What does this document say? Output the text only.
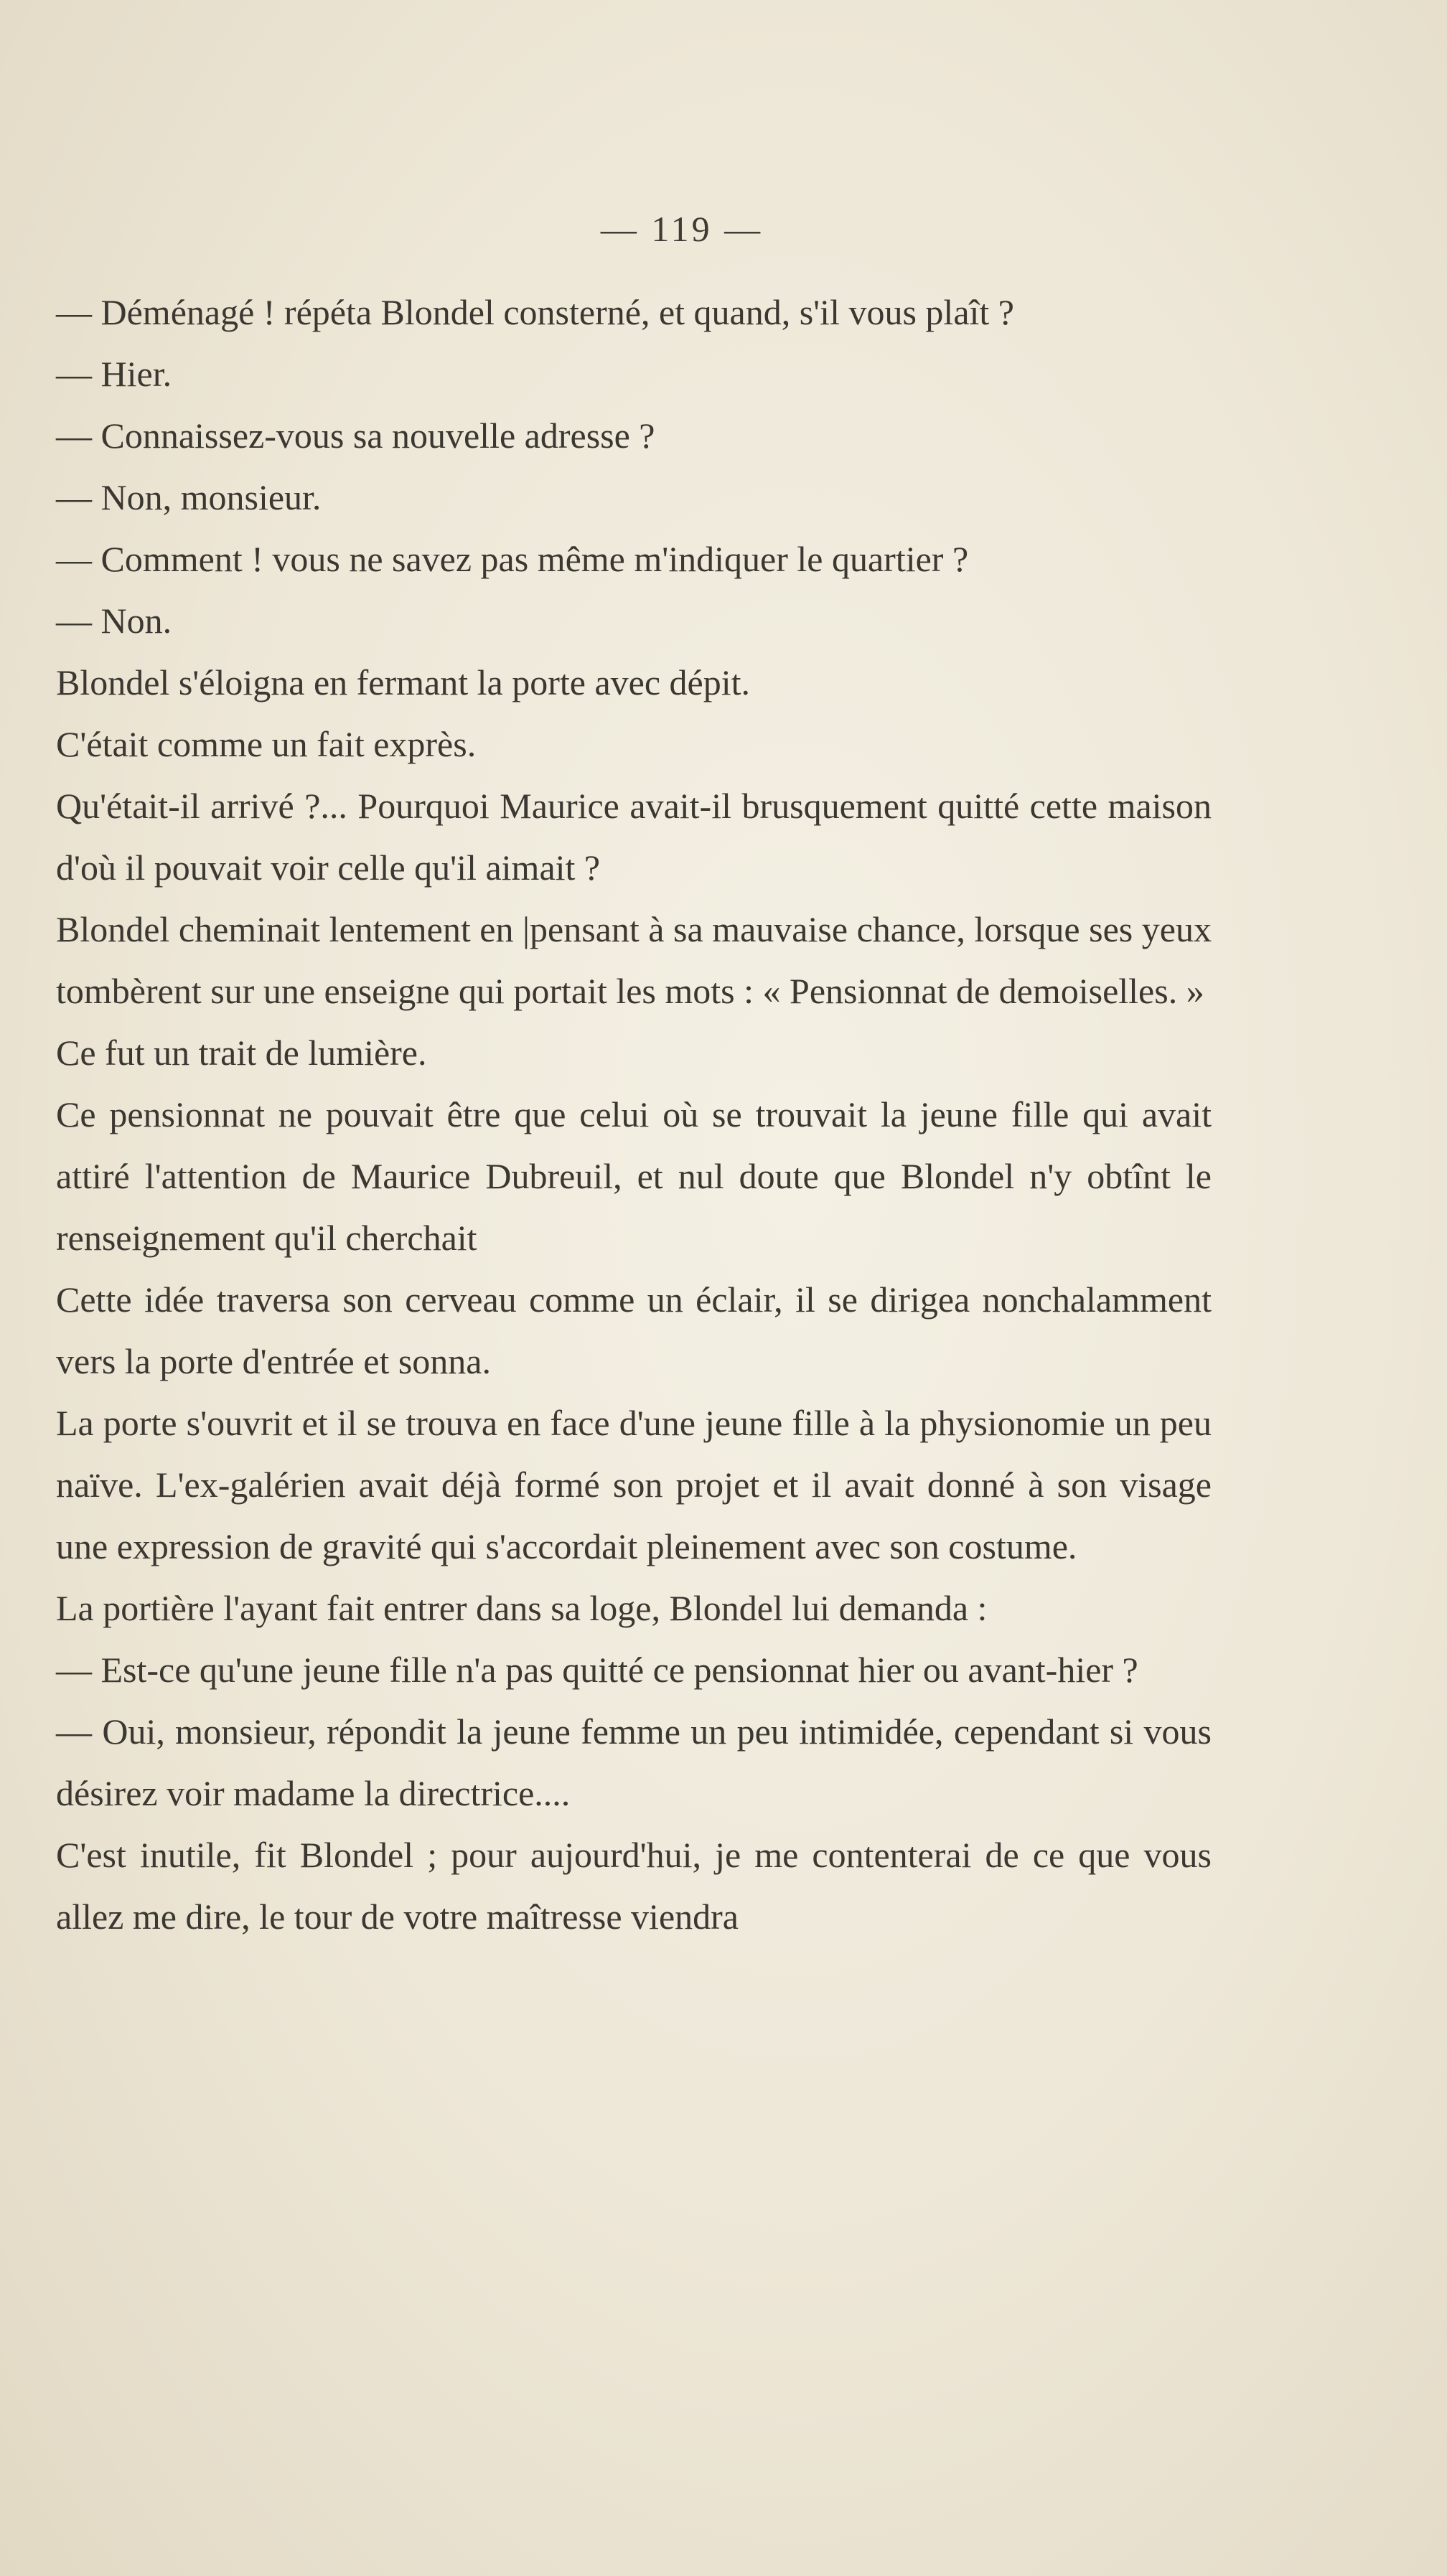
— 119 —

— Déménagé ! répéta Blondel consterné, et quand, s'il vous plaît ?

— Hier.

— Connaissez-vous sa nouvelle adresse ?

— Non, monsieur.

— Comment ! vous ne savez pas même m'indiquer le quartier ?

— Non.

Blondel s'éloigna en fermant la porte avec dépit.

C'était comme un fait exprès.

Qu'était-il arrivé ?... Pourquoi Maurice avait-il brusquement quitté cette maison d'où il pouvait voir celle qu'il aimait ?

Blondel cheminait lentement en |pensant à sa mauvaise chance, lorsque ses yeux tombèrent sur une enseigne qui portait les mots : « Pensionnat de demoiselles. »

Ce fut un trait de lumière.

Ce pensionnat ne pouvait être que celui où se trouvait la jeune fille qui avait attiré l'attention de Maurice Dubreuil, et nul doute que Blondel n'y obtînt le renseignement qu'il cherchait

Cette idée traversa son cerveau comme un éclair, il se dirigea nonchalamment vers la porte d'entrée et sonna.

La porte s'ouvrit et il se trouva en face d'une jeune fille à la physionomie un peu naïve. L'ex-galérien avait déjà formé son projet et il avait donné à son visage une expression de gravité qui s'accordait pleinement avec son costume.

La portière l'ayant fait entrer dans sa loge, Blondel lui demanda :

— Est-ce qu'une jeune fille n'a pas quitté ce pensionnat hier ou avant-hier ?

— Oui, monsieur, répondit la jeune femme un peu intimidée, cependant si vous désirez voir madame la directrice....

C'est inutile, fit Blondel ; pour aujourd'hui, je me contenterai de ce que vous allez me dire, le tour de votre maîtresse viendra
